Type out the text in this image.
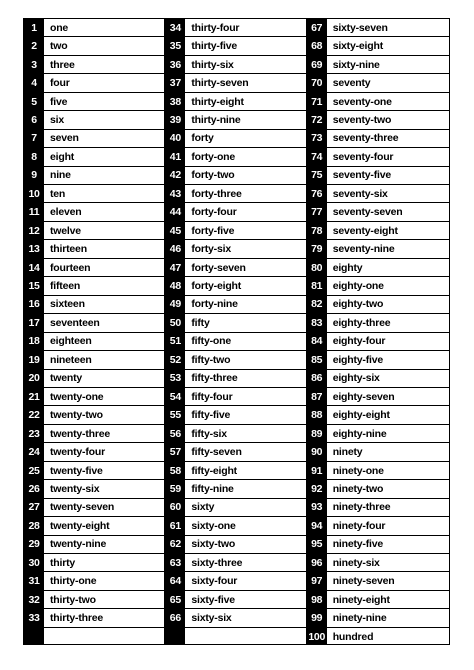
1	one
2	two
3	three
4	four
5	five
6	six
7	seven
8	eight
9	nine
10 ten
11	eleven
12 twelve
13 thirteen
14 fourteen
15 fifteen
16 sixteen
17 seventeen
18 eighteen
19 nineteen
20 twenty
21 twenty-one
22 twenty-two
23 twenty-three
24 twenty-four
25 twenty-five
26 twenty-six
27 twenty-seven
28 twenty-eight
29 twenty-nine
30 thirty
31 thirty-one
32 thirty-two
33 thirty-three
34 thirty-four
35 thirty-five
36 thirty-six
37 thirty-seven
38 thirty-eight
39 thirty-nine
40 forty
41 forty-one
42 forty-two
43 forty-three
44 forty-four
45 forty-five
46 forty-six
47 forty-seven
48 forty-eight
49 forty-nine
50 fifty
51 fifty-one
52 fifty-two
53 fifty-three
54 fifty-four
55 fifty-five
56 fifty-six
57 fifty-seven
58 fifty-eight
59 fifty-nine
60 sixty
61 sixty-one
62 sixty-two
63 sixty-three
64 sixty-four
65 sixty-five
66 sixty-six
67 sixty-seven
68 sixty-eight
69 sixty-nine
70 seventy
71 seventy-one
72 seventy-two
73 seventy-three
74 seventy-four
75 seventy-five
76 seventy-six
77 seventy-seven
78 seventy-eight
79 seventy-nine
80 eighty
81 eighty-one
82 eighty-two
83 eighty-three
84 eighty-four
85 eighty-five
86 eighty-six
87 eighty-seven
88 eighty-eight
89 eighty-nine
90 ninety
91 ninety-one
92 ninety-two
93 ninety-three
94 ninety-four
95 ninety-five
96 ninety-six
97 ninety-seven
98 ninety-eight
99 ninety-nine
100 hundred
